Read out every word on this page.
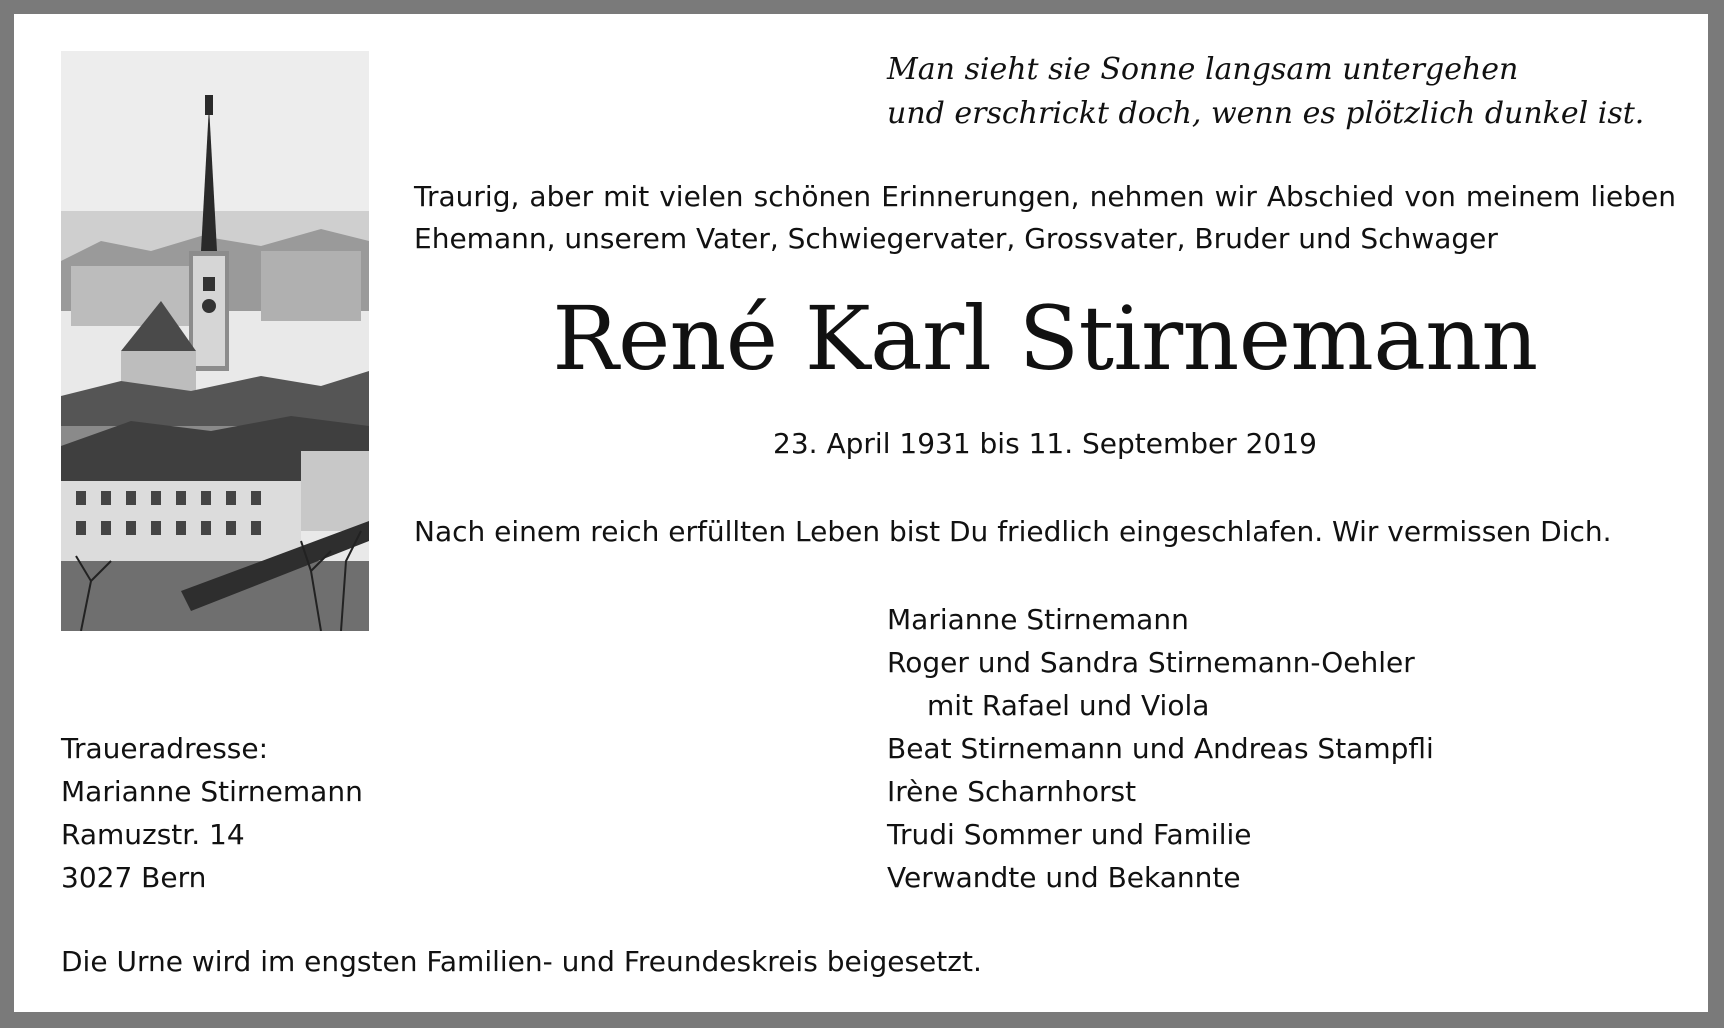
Man sieht sie Sonne langsam untergehen
und erschrickt doch, wenn es plötzlich dunkel ist.
Traurig, aber mit vielen schönen Erinnerungen, nehmen wir Abschied von meinem lieben Ehemann, unserem Vater, Schwiegervater, Grossvater, Bruder und Schwager
René Karl Stirnemann
23. April 1931 bis 11. September 2019
Nach einem reich erfüllten Leben bist Du friedlich eingeschlafen. Wir vermissen Dich.
Marianne Stirnemann
Roger und Sandra Stirnemann-Oehler
mit Rafael und Viola
Beat Stirnemann und Andreas Stampfli
Irène Scharnhorst
Trudi Sommer und Familie
Verwandte und Bekannte
Traueradresse:
Marianne Stirnemann
Ramuzstr. 14
3027 Bern
Die Urne wird im engsten Familien- und Freundeskreis beigesetzt.
